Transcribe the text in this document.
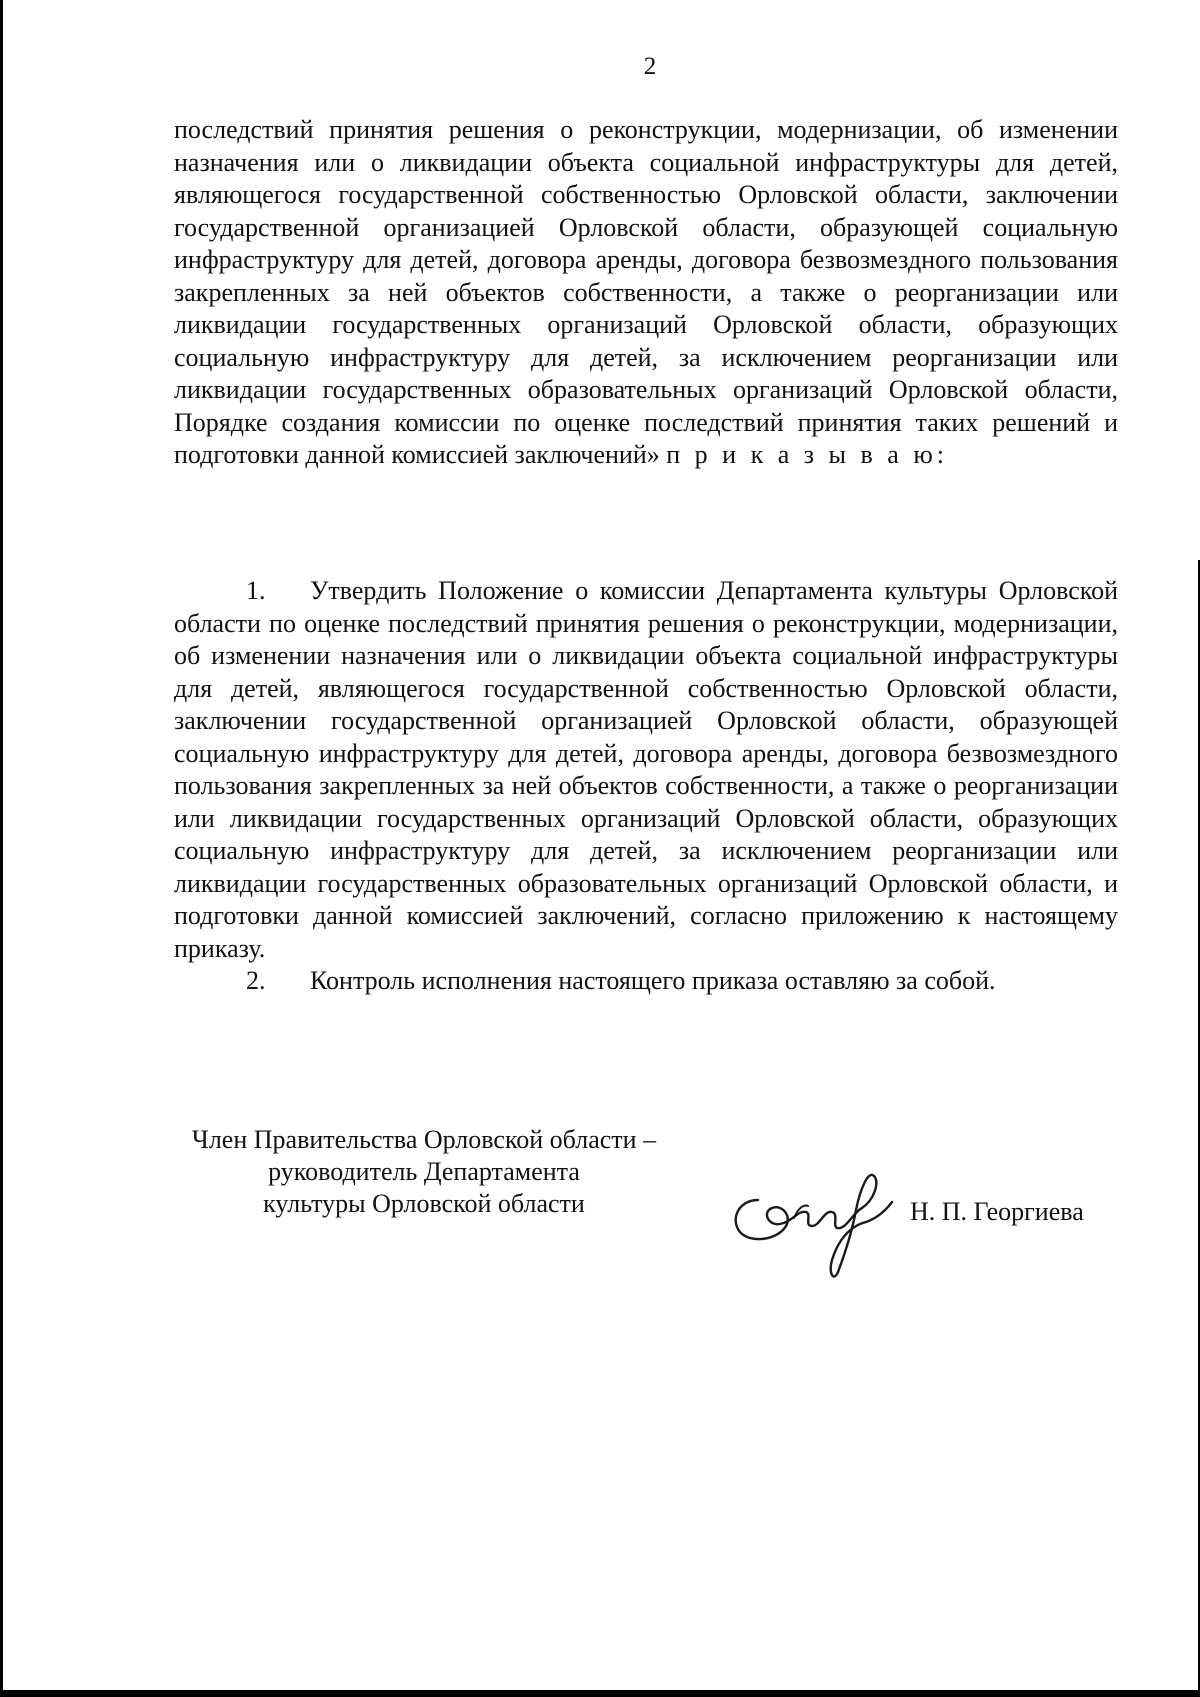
2
последствий принятия решения о реконструкции, модернизации, об изменении назначения или о ликвидации объекта социальной инфраструктуры для детей, являющегося государственной собственностью Орловской области, заключении государственной организацией Орловской области, образующей социальную инфраструктуру для детей, договора аренды, договора безвозмездного пользования закрепленных за ней объектов собственности, а также о реорганизации или ликвидации государственных организаций Орловской области, образующих социальную инфраструктуру для детей, за исключением реорганизации или ликвидации государственных образовательных организаций Орловской области, Порядке создания комиссии по оценке последствий принятия таких решений и подготовки данной комиссией заключений» п р и к а з ы в а ю:

1. Утвердить Положение о комиссии Департамента культуры Орловской области по оценке последствий принятия решения о реконструкции, модернизации, об изменении назначения или о ликвидации объекта социальной инфраструктуры для детей, являющегося государственной собственностью Орловской области, заключении государственной организацией Орловской области, образующей социальную инфраструктуру для детей, договора аренды, договора безвозмездного пользования закрепленных за ней объектов собственности, а также о реорганизации или ликвидации государственных организаций Орловской области, образующих социальную инфраструктуру для детей, за исключением реорганизации или ликвидации государственных образовательных организаций Орловской области, и подготовки данной комиссией заключений, согласно приложению к настоящему приказу.

2. Контроль исполнения настоящего приказа оставляю за собой.

Член Правительства Орловской области –
руководитель Департамента
культуры Орловской области	Н. П. Георгиева
